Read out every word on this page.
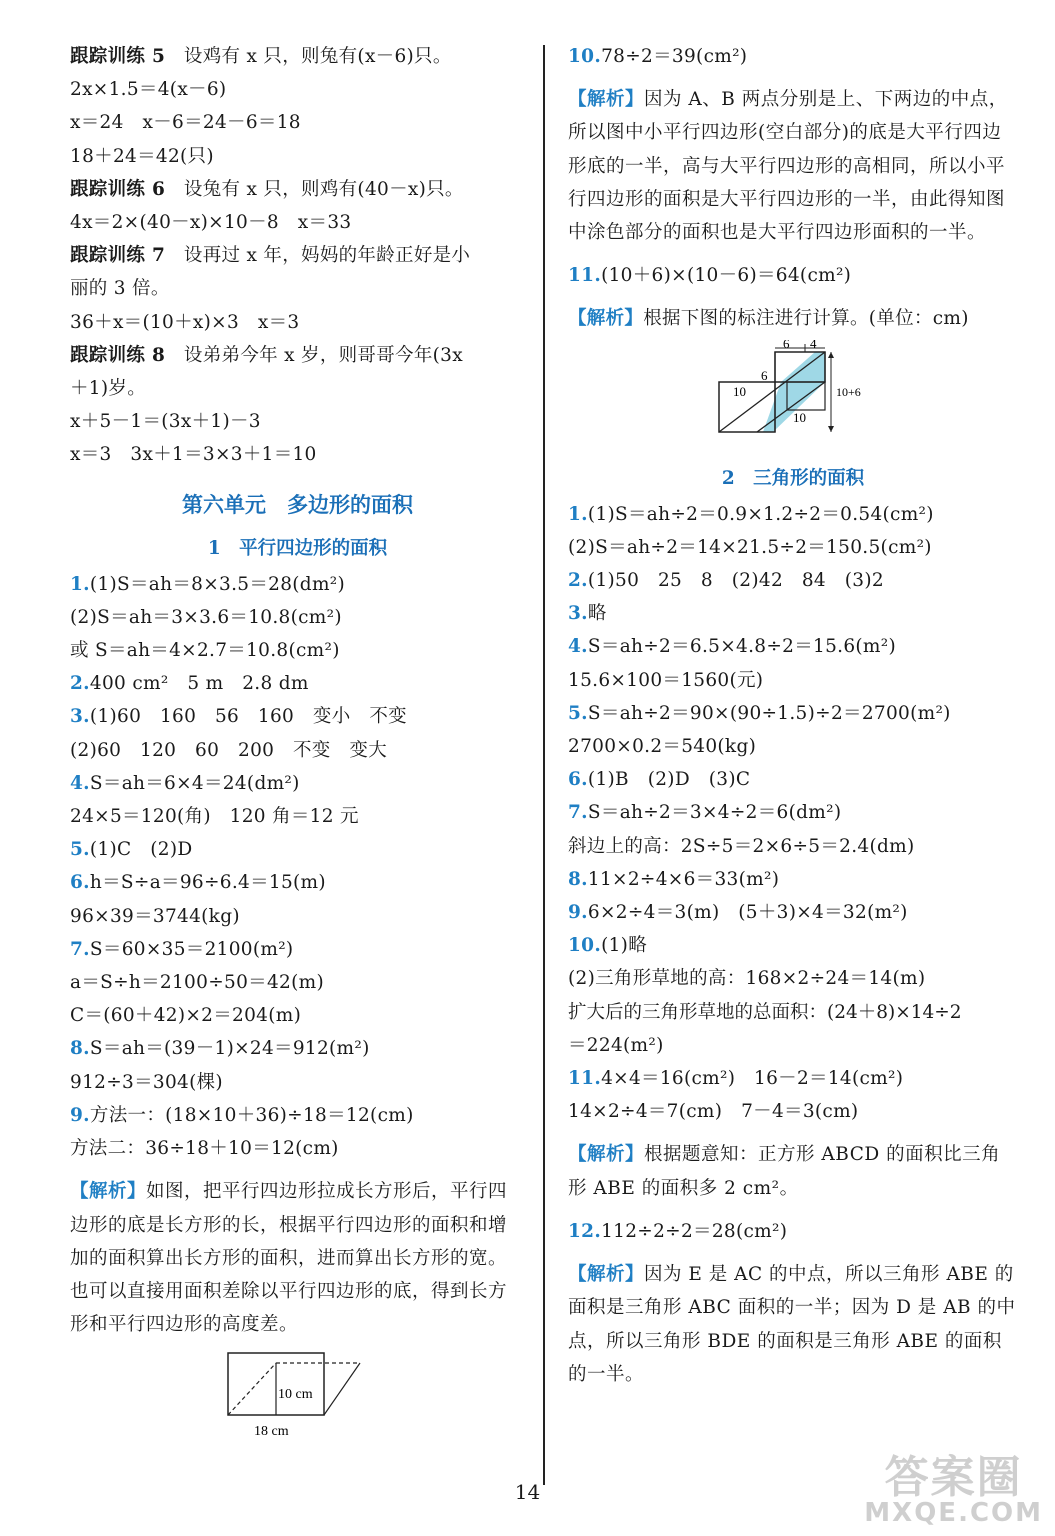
跟踪训练 5　设鸡有 x 只，则兔有(x－6)只。
2x×1.5＝4(x－6)
x＝24　x－6＝24－6＝18
18＋24＝42(只)
跟踪训练 6　设兔有 x 只，则鸡有(40－x)只。
4x＝2×(40－x)×10－8　x＝33
跟踪训练 7　设再过 x 年，妈妈的年龄正好是小
丽的 3 倍。
36＋x＝(10＋x)×3　x＝3
跟踪训练 8　设弟弟今年 x 岁，则哥哥今年(3x
＋1)岁。
x＋5－1＝(3x＋1)－3
x＝3　3x＋1＝3×3＋1＝10
第六单元　多边形的面积
1　平行四边形的面积
1.(1)S＝ah＝8×3.5＝28(dm²)
(2)S＝ah＝3×3.6＝10.8(cm²)
或 S＝ah＝4×2.7＝10.8(cm²)
2.400 cm²　5 m　2.8 dm
3.(1)60　160　56　160　变小　不变
(2)60　120　60　200　不变　变大
4.S＝ah＝6×4＝24(dm²)
24×5＝120(角)　120 角＝12 元
5.(1)C　(2)D
6.h＝S÷a＝96÷6.4＝15(m)
96×39＝3744(kg)
7.S＝60×35＝2100(m²)
a＝S÷h＝2100÷50＝42(m)
C＝(60＋42)×2＝204(m)
8.S＝ah＝(39－1)×24＝912(m²)
912÷3＝304(棵)
9.方法一：(18×10＋36)÷18＝12(cm)
方法二：36÷18＋10＝12(cm)
【解析】如图，把平行四边形拉成长方形后，平行四边形的底是长方形的长，根据平行四边形的面积和增加的面积算出长方形的面积，进而算出长方形的宽。也可以直接用面积差除以平行四边形的底，得到长方形和平行四边形的高度差。
10 cm
18 cm
10.78÷2＝39(cm²)
【解析】因为 A、B 两点分别是上、下两边的中点，所以图中小平行四边形(空白部分)的底是大平行四边形底的一半，高与大平行四边形的高相同，所以小平行四边形的面积是大平行四边形的一半，由此得知图中涂色部分的面积也是大平行四边形面积的一半。
11.(10＋6)×(10－6)＝64(cm²)
【解析】根据下图的标注进行计算。(单位：cm)
6 4
6
10
10
10+6
2　三角形的面积
1.(1)S＝ah÷2＝0.9×1.2÷2＝0.54(cm²)
(2)S＝ah÷2＝14×21.5÷2＝150.5(cm²)
2.(1)50　25　8　(2)42　84　(3)2
3.略
4.S＝ah÷2＝6.5×4.8÷2＝15.6(m²)
15.6×100＝1560(元)
5.S＝ah÷2＝90×(90÷1.5)÷2＝2700(m²)
2700×0.2＝540(kg)
6.(1)B　(2)D　(3)C
7.S＝ah÷2＝3×4÷2＝6(dm²)
斜边上的高：2S÷5＝2×6÷5＝2.4(dm)
8.11×2÷4×6＝33(m²)
9.6×2÷4＝3(m)　(5＋3)×4＝32(m²)
10.(1)略
(2)三角形草地的高：168×2÷24＝14(m)
扩大后的三角形草地的总面积：(24＋8)×14÷2
＝224(m²)
11.4×4＝16(cm²)　16－2＝14(cm²)
14×2÷4＝7(cm)　7－4＝3(cm)
【解析】根据题意知：正方形 ABCD 的面积比三角形 ABE 的面积多 2 cm²。
12.112÷2÷2＝28(cm²)
【解析】因为 E 是 AC 的中点，所以三角形 ABE 的面积是三角形 ABC 面积的一半；因为 D 是 AB 的中点，所以三角形 BDE 的面积是三角形 ABE 的面积的一半。
14	答案圈
MXQE.COM
